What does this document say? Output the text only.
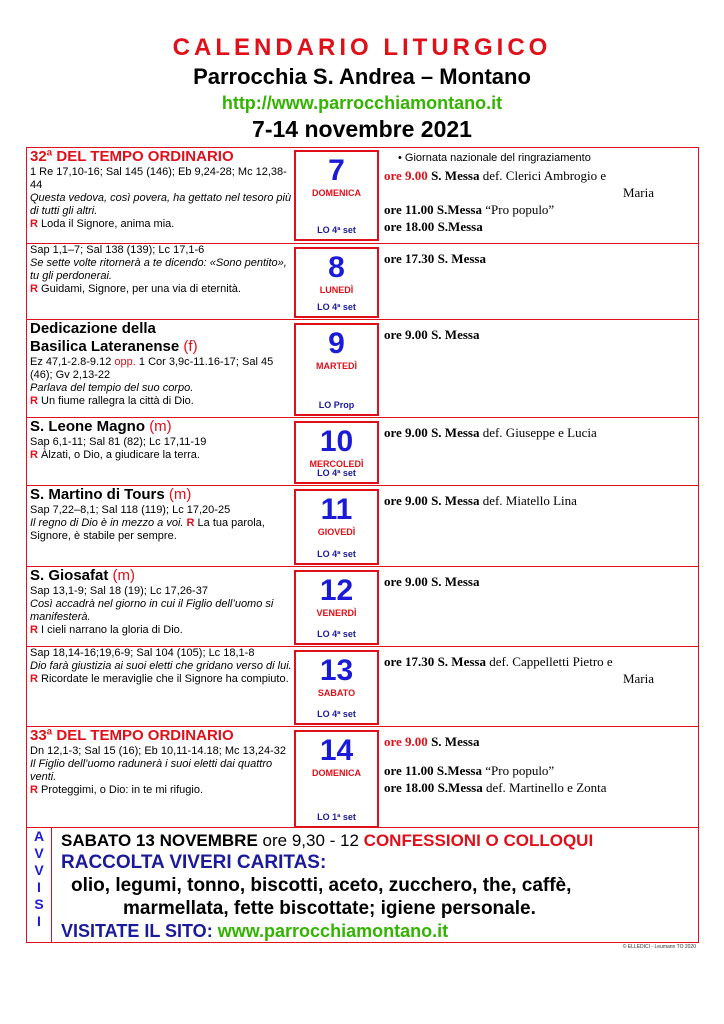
CALENDARIO LITURGICO
Parrocchia S. Andrea – Montano
http://www.parrocchiamontano.it
7-14 novembre 2021
32ª DEL TEMPO ORDINARIO
1 Re 17,10-16; Sal 145 (146); Eb 9,24-28; Mc 12,38-44
Questa vedova, così povera, ha gettato nel tesoro più di tutti gli altri.
R Loda il Signore, anima mia.
7
DOMENICA
LO 4ª set
• Giornata nazionale del ringraziamento
ore 9.00 S. Messa def. Clerici Ambrogio e
Maria
ore 11.00 S.Messa “Pro populo”
ore 18.00 S.Messa
Sap 1,1–7; Sal 138 (139); Lc 17,1-6
Se sette volte ritornerà a te dicendo: «Sono pentito», tu gli perdonerai.
R Guidami, Signore, per una via di eternità.
8
LUNEDÌ
LO 4ª set
ore 17.30 S. Messa
Dedicazione della
Basilica Lateranense (f)
Ez 47,1-2.8-9.12 opp. 1 Cor 3,9c-11.16-17; Sal 45 (46); Gv 2,13-22
Parlava del tempio del suo corpo.
R Un fiume rallegra la città di Dio.
9
MARTEDÌ
LO Prop
ore 9.00 S. Messa
S. Leone Magno (m)
Sap 6,1-11; Sal 81 (82); Lc 17,11-19
R Àlzati, o Dio, a giudicare la terra.	10
MERCOLEDÌ
LO 4ª set
ore 9.00 S. Messa def. Giuseppe e Lucia
S. Martino di Tours (m)
Sap 7,22–8,1; Sal 118 (119); Lc 17,20-25
Il regno di Dio è in mezzo a voi. R La tua parola, Signore, è stabile per sempre.
11
GIOVEDÌ
LO 4ª set
ore 9.00 S. Messa def. Miatello Lina
S. Giosafat (m)
Sap 13,1-9; Sal 18 (19); Lc 17,26-37
Così accadrà nel giorno in cui il Figlio dell’uomo si manifesterà.
R I cieli narrano la gloria di Dio.
12
VENERDÌ
LO 4ª set
ore 9.00 S. Messa
Sap 18,14-16;19,6-9; Sal 104 (105); Lc 18,1-8
Dio farà giustizia ai suoi eletti che gridano verso di lui.
R Ricordate le meraviglie che il Signore ha compiuto.	13
SABATO
LO 4ª set
ore 17.30 S. Messa def. Cappelletti Pietro e
Maria
33ª DEL TEMPO ORDINARIO
Dn 12,1-3; Sal 15 (16); Eb 10,11-14.18; Mc 13,24-32
Il Figlio dell’uomo radunerà i suoi eletti dai quattro venti.
R Proteggimi, o Dio: in te mi rifugio.
14
DOMENICA
LO 1ª set
ore 9.00 S. Messa
ore 11.00 S.Messa “Pro populo”
ore 18.00 S.Messa def. Martinello e Zonta
A
V
V
I
S
I
SABATO 13 NOVEMBRE ore 9,30 - 12 CONFESSIONI O COLLOQUI
RACCOLTA VIVERI CARITAS:
olio, legumi, tonno, biscotti, aceto, zucchero, the, caffè,
marmellata, fette biscottate; igiene personale.
VISITATE IL SITO: www.parrocchiamontano.it
© ELLEDICI - Leumann TO 2020
